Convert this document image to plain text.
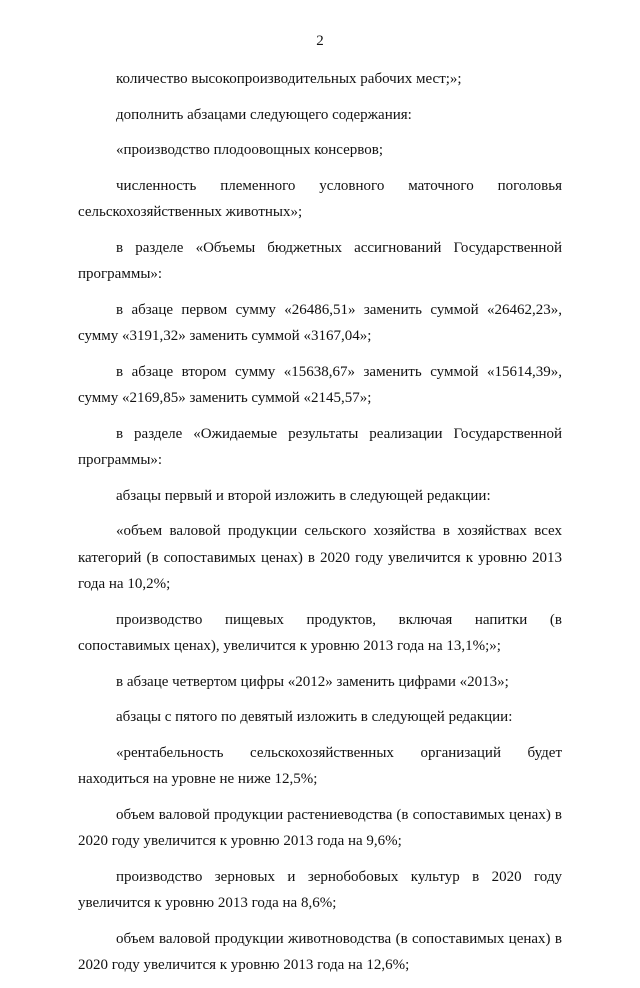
2

количество высокопроизводительных рабочих мест;»;

дополнить абзацами следующего содержания:

«производство плодоовощных консервов;

численность племенного условного маточного поголовья сельскохозяйственных животных»;

в разделе «Объемы бюджетных ассигнований Государственной программы»:

в абзаце первом сумму «26486,51» заменить суммой «26462,23», сумму «3191,32» заменить суммой «3167,04»;

в абзаце втором сумму «15638,67» заменить суммой «15614,39», сумму «2169,85» заменить суммой «2145,57»;

в разделе «Ожидаемые результаты реализации Государственной программы»:

абзацы первый и второй изложить в следующей редакции:

«объем валовой продукции сельского хозяйства в хозяйствах всех категорий (в сопоставимых ценах) в 2020 году увеличится к уровню 2013 года на 10,2%;

производство пищевых продуктов, включая напитки (в сопоставимых ценах), увеличится к уровню 2013 года на 13,1%;»;

в абзаце четвертом цифры «2012» заменить цифрами «2013»;

абзацы с пятого по девятый изложить в следующей редакции:

«рентабельность сельскохозяйственных организаций будет находиться на уровне не ниже 12,5%;

объем валовой продукции растениеводства (в сопоставимых ценах) в 2020 году увеличится к уровню 2013 года на 9,6%;

производство зерновых и зернобобовых культур в 2020 году увеличится к уровню 2013 года на 8,6%;

объем валовой продукции животноводства (в сопоставимых ценах) в 2020 году увеличится к уровню 2013 года на 12,6%;
